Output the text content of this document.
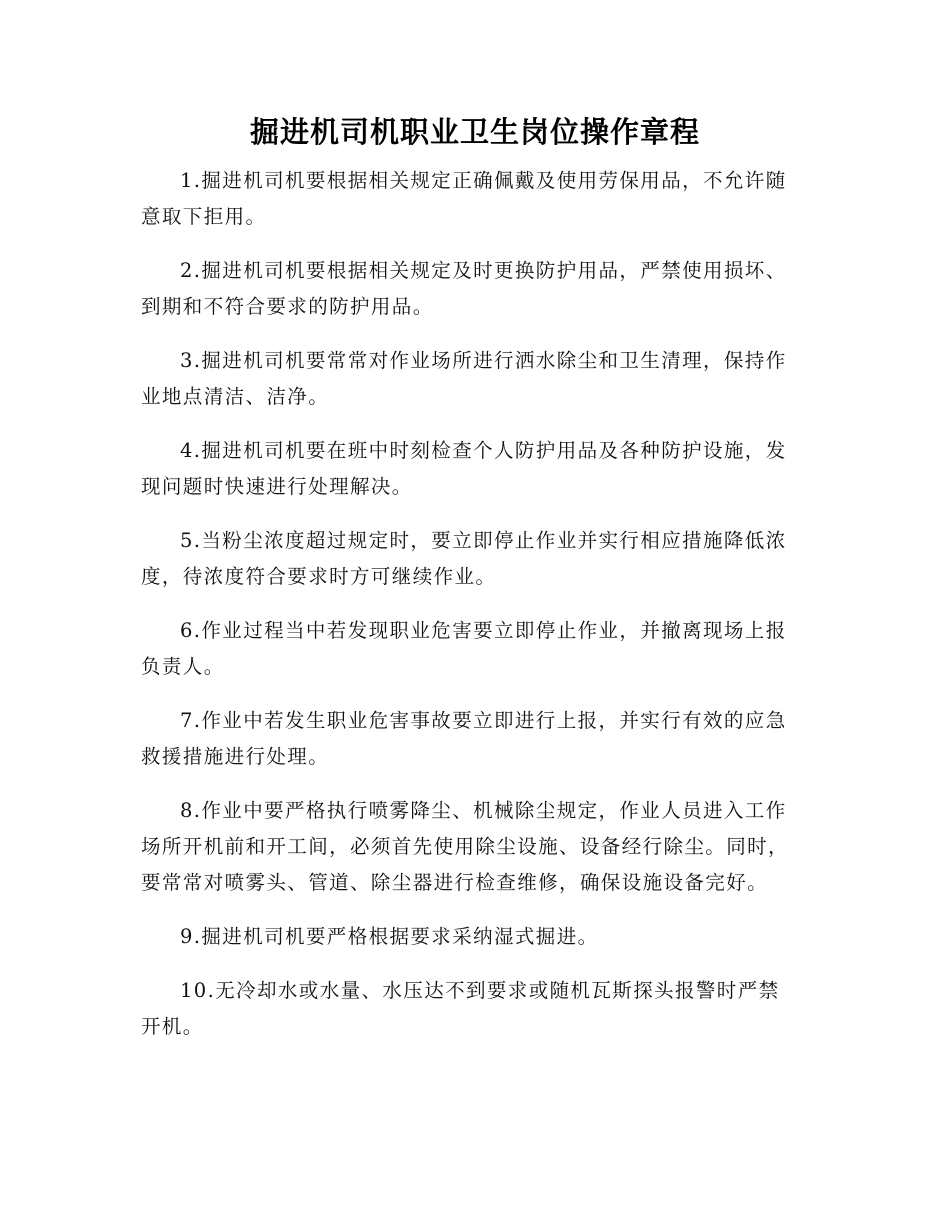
掘进机司机职业卫生岗位操作章程

1.掘进机司机要根据相关规定正确佩戴及使用劳保用品，不允许随意取下拒用。

2.掘进机司机要根据相关规定及时更换防护用品，严禁使用损坏、到期和不符合要求的防护用品。

3.掘进机司机要常常对作业场所进行洒水除尘和卫生清理，保持作业地点清洁、洁净。

4.掘进机司机要在班中时刻检查个人防护用品及各种防护设施，发现问题时快速进行处理解决。

5.当粉尘浓度超过规定时，要立即停止作业并实行相应措施降低浓度，待浓度符合要求时方可继续作业。

6.作业过程当中若发现职业危害要立即停止作业，并撤离现场上报负责人。

7.作业中若发生职业危害事故要立即进行上报，并实行有效的应急救援措施进行处理。

8.作业中要严格执行喷雾降尘、机械除尘规定，作业人员进入工作场所开机前和开工间，必须首先使用除尘设施、设备经行除尘。同时，要常常对喷雾头、管道、除尘器进行检查维修，确保设施设备完好。

9.掘进机司机要严格根据要求采纳湿式掘进。

10.无冷却水或水量、水压达不到要求或随机瓦斯探头报警时严禁开机。
